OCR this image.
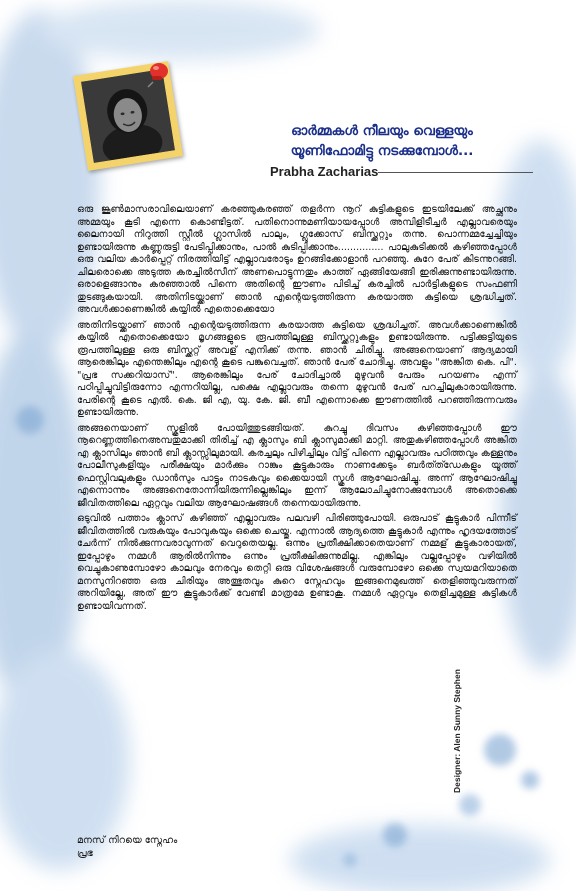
ഓർമ്മകൾ നീലയും വെള്ളയും
യൂണിഫോമിട്ടു നടക്കുമ്പോൾ...
Prabha Zacharias

ഒരു ജൂൺമാസരാവിലെയാണ് കരഞ്ഞുകരഞ്ഞ് തളർന്ന നൂറ് കുട്ടികളുടെ ഇടയിലേക്ക് അച്ഛനും അമ്മയും കൂടി എന്നെ കൊണ്ടിട്ടത്. പതിനൊന്നുമണിയായപ്പോൾ അമ്പിളിടീച്ചർ എല്ലാവരെയും ലൈനായി നിറുത്തി സ്റ്റീൽ ഗ്ലാസിൽ പാലും, ഗ്ലൂക്കോസ് ബിസ്ക്കറ്റും തന്നു. പൊന്നമ്മച്ചേച്ചിയും ഉണ്ടായിരുന്നു കണ്ണുരുട്ടി പേടിപ്പിക്കാനും, പാൽ കുടിപ്പിക്കാനും............... പാലുകുടിക്കൽ കഴിഞ്ഞപ്പോൾ ഒരു വലിയ കാർപ്പെറ്റ് നിരത്തിയിട്ട് എല്ലാവരോടും ഉറങ്ങിക്കോളാൻ പറഞ്ഞു. കുറേ പേര് കിടന്നുറങ്ങി. ചിലരൊക്കെ അടുത്ത കരച്ചിൽസീന് അണപൊട്ടുന്നതും കാത്ത് ഏങ്ങിയേങ്ങി ഇരിക്കുന്നുണ്ടായിരുന്നു. ഒരാളെങ്ങാനും കരഞ്ഞാൽ പിന്നെ അതിന്റെ ഈണം പിടിച്ച് കരച്ചിൽ പാർട്ടികളുടെ സംഫണി തുടങ്ങുകയായി. അതിനിടയ്ക്കാണ് ഞാൻ എന്റെയടുത്തിരുന്ന കരയാത്ത കുട്ടിയെ ശ്രദ്ധിച്ചത്. അവൾക്കാണെങ്കിൽ കയ്യിൽ എതൊക്കെയോ

അതിനിടയ്ക്കാണ് ഞാൻ എന്റെയടുത്തിരുന്ന കരയാത്ത കുട്ടിയെ ശ്രദ്ധിച്ചത്. അവൾക്കാണെങ്കിൽ കയ്യിൽ എതൊക്കെയോ മൃഗങ്ങളുടെ രൂപത്തിലുള്ള ബിസ്ക്കറ്റുകളും ഉണ്ടായിരുന്നു. പട്ടിക്കുട്ടിയുടെ രൂപത്തിലുള്ള ഒരു ബിസ്ക്കറ്റ് അവള് എനിക്ക് തന്നു. ഞാൻ ചിരിച്ചു. അങ്ങനെയാണ് ആദ്യമായി ആരെങ്കിലും എന്തെങ്കിലും എന്റെ കൂടെ പങ്കുവെച്ചത്. ഞാൻ പേര് ചോദിച്ചു. അവളും "അങ്കിത കെ. പി". "പ്രഭ സക്കറിയാസ്". ആരെങ്കിലും പേര് ചോദിച്ചാൽ മുഴുവൻ പേരും പറയണം എന്ന് പഠിപ്പിച്ചുവിട്ടിരുന്നോ എന്നറിയില്ല, പക്ഷെ എല്ലാവരും തന്നെ മുഴുവൻ പേര് പറച്ചിലുകാരായിരുന്നു. പേരിന്റെ കൂടെ എൽ. കെ. ജി എ, യു. കേ. ജി. ബീ എന്നൊക്കെ ഈണത്തിൽ പറഞ്ഞിരുന്നവരും ഉണ്ടായിരുന്നു.

അങ്ങനെയാണ് സ്കൂളിൽ പോയിത്തുടങ്ങിയത്. കുറച്ചു ദിവസം കഴിഞ്ഞപ്പോൾ ഈ നൂറെണ്ണത്തിനെഅമ്പതുമാക്കി തിരിച്ച് എ ക്ലാസും ബി ക്ലാസുമാക്കി മാറ്റി. അതുകഴിഞ്ഞപ്പോൾ അങ്കിത എ ക്ലാസിലും ഞാൻ ബി ക്ലാസ്സിലുമായി. കരച്ചലും പിഴിച്ചിലും വിട്ട് പിന്നെ എല്ലാവരും പഠിത്തവും കള്ളനും പോലീസുകളിയും പരീക്ഷയും മാർക്കും റാങ്കും കൂട്ടുകാരും നാണക്കേടും ബർത്ത്ഡേകളും യൂത്ത് ഫെസ്റ്റിവലുകളും ഡാൻസും പാട്ടും നാടകവും ക്കൈയായി സ്കൂൾ ആഘോഷിച്ചു. അന്ന് ആഘോഷിച്ചു എന്നൊന്നും അങ്ങനെതോന്നിയിരുന്നില്ലെങ്കിലും ഇന്ന് ആലോചിച്ചുനോക്കുമ്പോൾ അതൊക്കെ ജീവിതത്തിലെ ഏറ്റവും വലിയ ആഘോഷങ്ങൾ തന്നെയായിരുന്നു.

ഒടുവിൽ പത്താം ക്ലാസ് കഴിഞ്ഞ് എല്ലാവരും പലവഴി പിരിഞ്ഞുപോയി. ഒരുപാട് കൂട്ടുകാർ പിന്നീട് ജീവിതത്തിൽ വരുകയും പോവുകയും ഒക്കെ ചെയ്തു. എന്നാൽ ആദ്യത്തെ കൂട്ടുകാർ എന്നും ഹൃദയത്തോട് ചേർന്ന് നിൽക്കുന്നവരാവുന്നത് വെറുതെയല്ല. ഒന്നും പ്രതീക്ഷിക്കാതെയാണ് നമ്മള് കൂട്ടുകാരായത്, ഇപ്പോഴും നമ്മൾ ആരിൽനിന്നും ഒന്നും പ്രതീക്ഷിക്കുന്നുമില്ല. എങ്കിലും വല്ലപ്പോഴും വഴിയിൽ വെച്ചുകാണുമ്പോഴോ കാലവും നേരവും തെറ്റി ഒരു വിശേഷങ്ങൾ വരുമ്പോഴോ ഒക്കെ സ്വയമറിയാതെ മനസുനിറഞ്ഞ ഒരു ചിരിയും അത്ഭുതവും കുറെ സ്നേഹവും ഇങ്ങനെമുഖത്ത് തെളിഞ്ഞുവരുന്നത് അറിയില്ലേ, അത് ഈ കൂട്ടുകാർക്ക് വേണ്ടി മാത്രമേ ഉണ്ടാകൂ. നമ്മൾ ഏറ്റവും തെളിച്ചമുള്ള കുട്ടികൾ ഉണ്ടായിവന്നത്.

മനസ് നിറയെ സ്നേഹം
പ്രഭ
Designer: Alen Sunny Stephen
